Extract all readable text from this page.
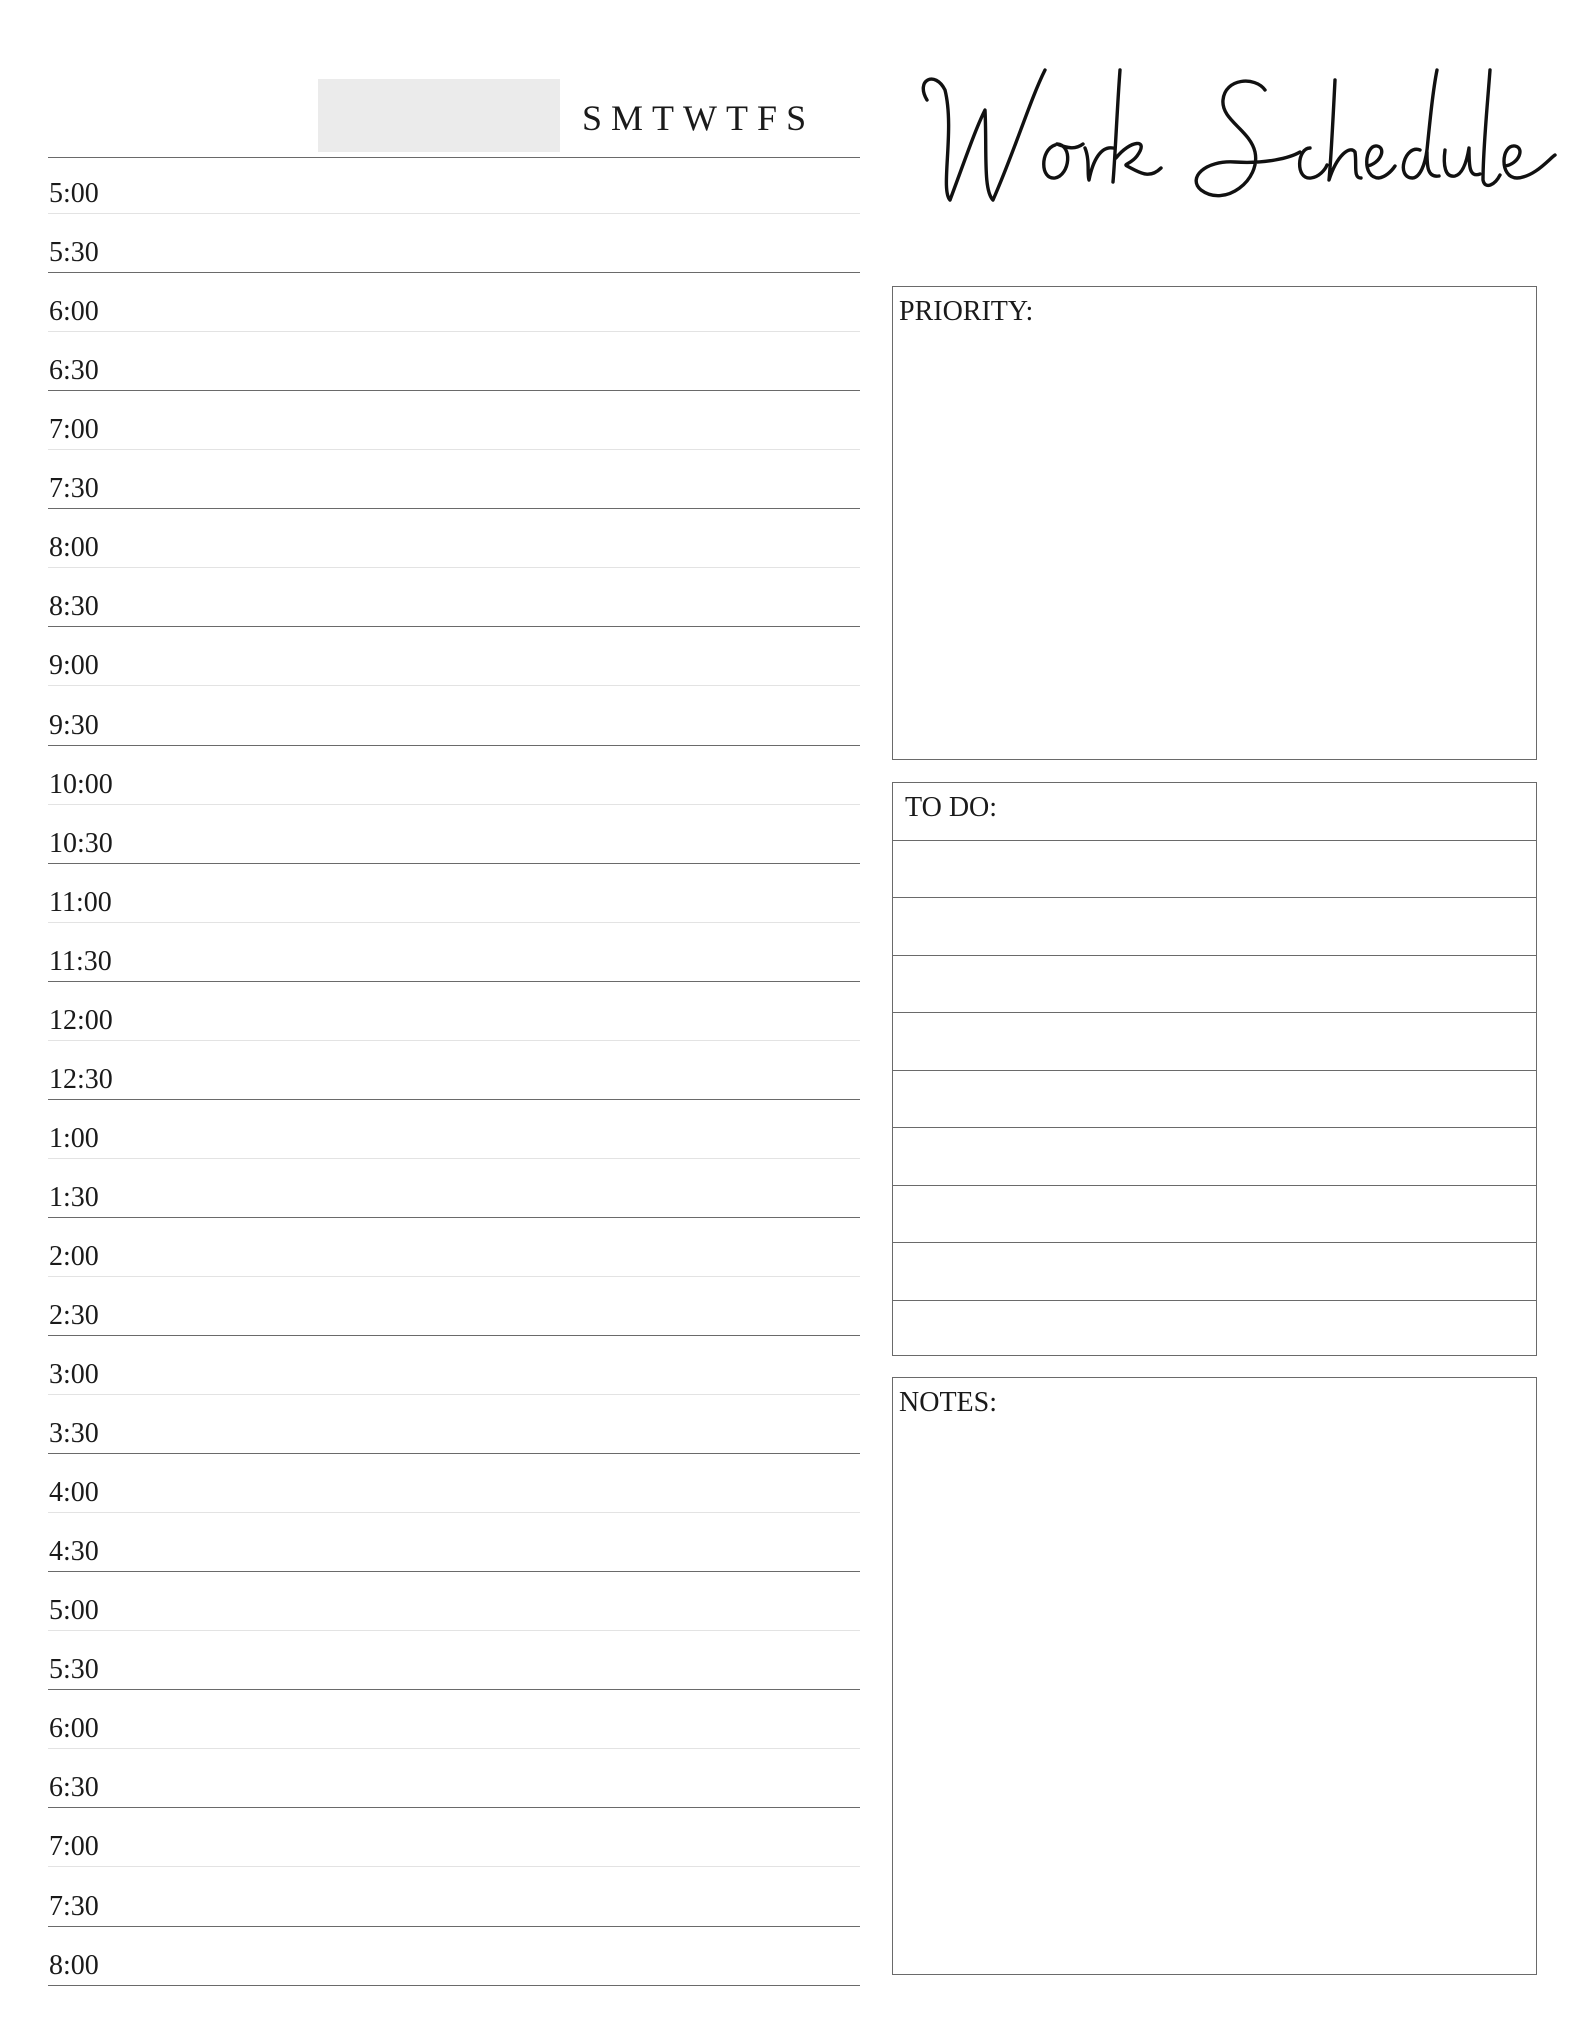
SMTWTFS
5:00
5:30
6:00
6:30
7:00
7:30
8:00
8:30
9:00
9:30
10:00
10:30
11:00
11:30
12:00
12:30
1:00
1:30
2:00
2:30
3:00
3:30
4:00
4:30
5:00
5:30
6:00
6:30
7:00
7:30
8:00
PRIORITY:
TO DO:
NOTES:
